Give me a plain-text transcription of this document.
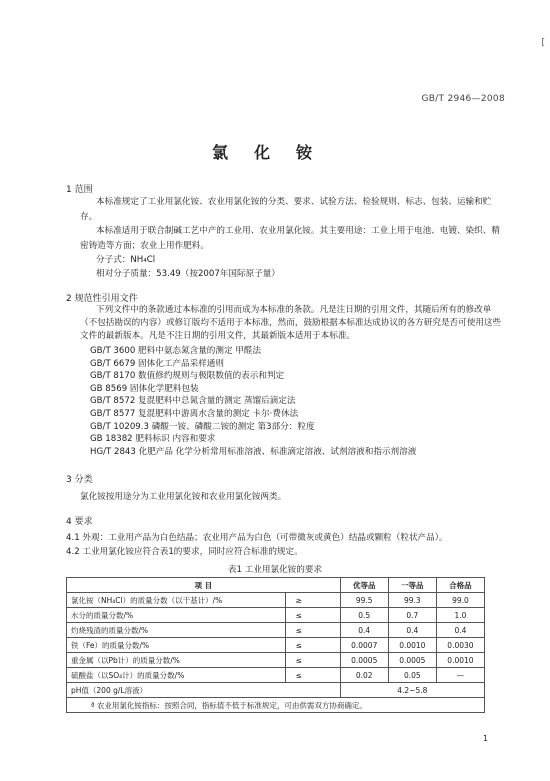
[
GB/T 2946—2008
氯化铵
1 范围
本标准规定了工业用氯化铵、农业用氯化铵的分类、要求、试验方法、检验规则、标志、包装、运输和贮存。
本标准适用于联合制碱工艺中产的工业用、农业用氯化铵。其主要用途：工业上用于电池、电镀、染织、精密铸造等方面；农业上用作肥料。
分子式：NH₄Cl
相对分子质量：53.49（按2007年国际原子量）
2 规范性引用文件
下列文件中的条款通过本标准的引用而成为本标准的条款。凡是注日期的引用文件，其随后所有的修改单（不包括勘误的内容）或修订版均不适用于本标准，然而，鼓励根据本标准达成协议的各方研究是否可使用这些文件的最新版本。凡是不注日期的引用文件，其最新版本适用于本标准。
GB/T 3600 肥料中氨态氮含量的测定 甲醛法
GB/T 6679 固体化工产品采样通则
GB/T 8170 数值修约规则与极限数值的表示和判定
GB 8569 固体化学肥料包装
GB/T 8572 复混肥料中总氮含量的测定 蒸馏后滴定法
GB/T 8577 复混肥料中游离水含量的测定 卡尔·费休法
GB/T 10209.3 磷酸一铵、磷酸二铵的测定 第3部分：粒度
GB 18382 肥料标识 内容和要求
HG/T 2843 化肥产品 化学分析常用标准溶液、标准滴定溶液、试剂溶液和指示剂溶液
3 分类
氯化铵按用途分为工业用氯化铵和农业用氯化铵两类。
4 要求
4.1 外观：工业用产品为白色结晶；农业用产品为白色（可带微灰或黄色）结晶或颗粒（粒状产品）。
4.2 工业用氯化铵应符合表1的要求，同时应符合标准的规定。
表1 工业用氯化铵的要求
项 目		优等品	一等品	合格品
氯化铵（NH₄Cl）的质量分数（以干基计）/%	≥	99.5	99.3	99.0
水分的质量分数/%	≤	0.5	0.7	1.0
灼烧残渣的质量分数/%	≤	0.4	0.4	0.4
铁（Fe）的质量分数/%	≤	0.0007	0.0010	0.0030
重金属（以Pb计）的质量分数/%	≤	0.0005	0.0005	0.0010
硫酸盐（以SO₄计）的质量分数/%	≤	0.02	0.05	—
pH值（200 g/L溶液）		4.2~5.8		
ª 农业用氯化铵指标：按照合同，指标值不低于标准规定，可由供需双方协商确定。				
1
